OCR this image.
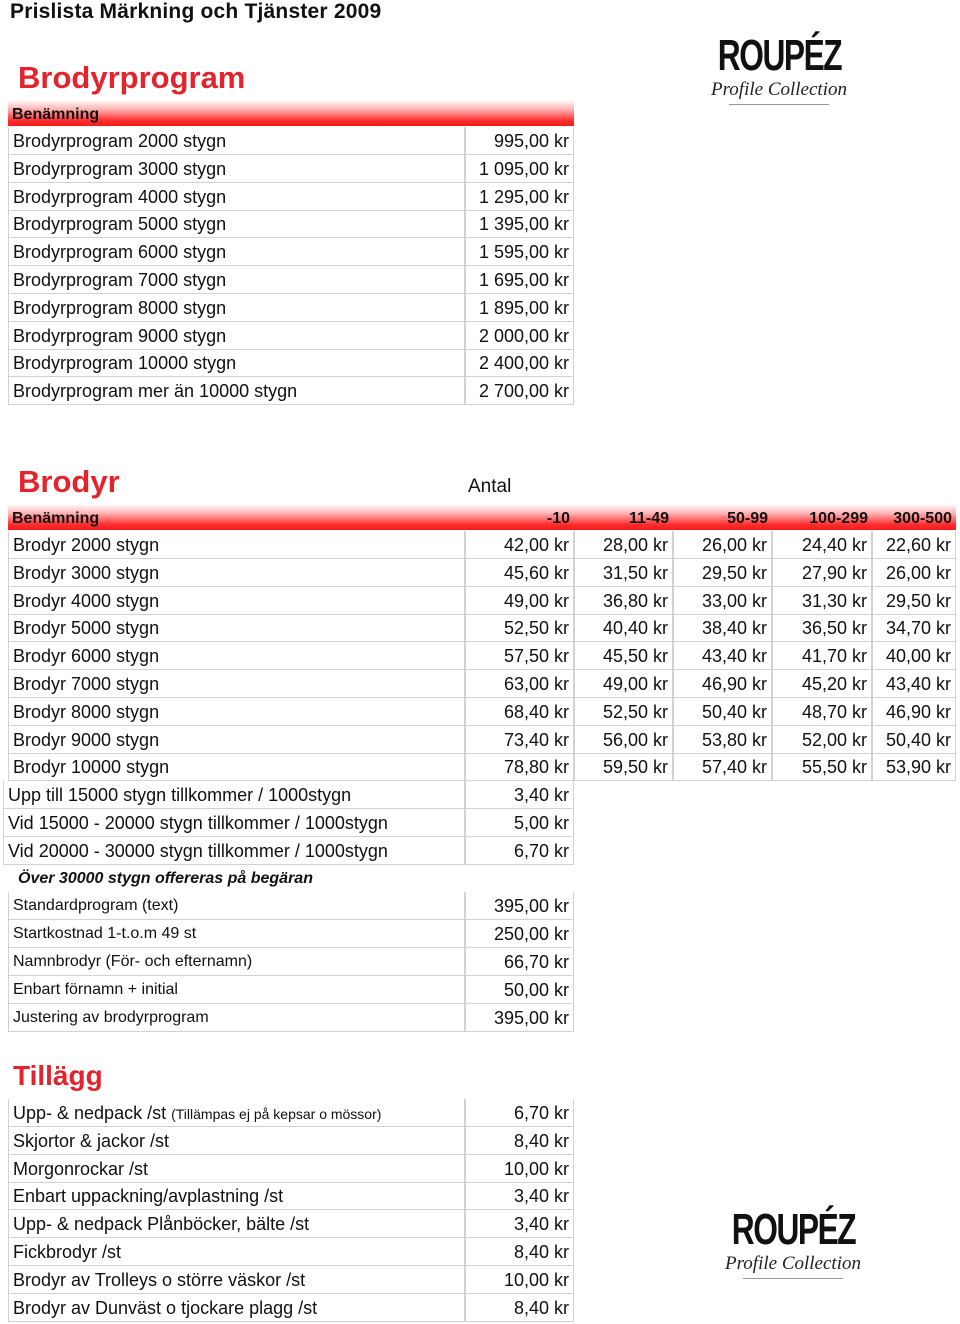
Prislista Märkning och Tjänster 2009
ROUPÉZ
Profile Collection
Brodyrprogram
Benämning
Brodyrprogram 2000 stygn	995,00 kr
Brodyrprogram 3000 stygn	1 095,00 kr
Brodyrprogram 4000 stygn	1 295,00 kr
Brodyrprogram 5000 stygn	1 395,00 kr
Brodyrprogram 6000 stygn	1 595,00 kr
Brodyrprogram 7000 stygn	1 695,00 kr
Brodyrprogram 8000 stygn	1 895,00 kr
Brodyrprogram 9000 stygn	2 000,00 kr
Brodyrprogram 10000 stygn	2 400,00 kr
Brodyrprogram mer än 10000 stygn	2 700,00 kr
Brodyr	Antal
Benämning	-10	11-49	50-99	100-299	300-500
Brodyr 2000 stygn	42,00 kr	28,00 kr	26,00 kr	24,40 kr	22,60 kr
Brodyr 3000 stygn	45,60 kr	31,50 kr	29,50 kr	27,90 kr	26,00 kr
Brodyr 4000 stygn	49,00 kr	36,80 kr	33,00 kr	31,30 kr	29,50 kr
Brodyr 5000 stygn	52,50 kr	40,40 kr	38,40 kr	36,50 kr	34,70 kr
Brodyr 6000 stygn	57,50 kr	45,50 kr	43,40 kr	41,70 kr	40,00 kr
Brodyr 7000 stygn	63,00 kr	49,00 kr	46,90 kr	45,20 kr	43,40 kr
Brodyr 8000 stygn	68,40 kr	52,50 kr	50,40 kr	48,70 kr	46,90 kr
Brodyr 9000 stygn	73,40 kr	56,00 kr	53,80 kr	52,00 kr	50,40 kr
Brodyr 10000 stygn	78,80 kr	59,50 kr	57,40 kr	55,50 kr	53,90 kr
Upp till 15000 stygn tillkommer / 1000stygn	3,40 kr
Vid 15000 - 20000 stygn tillkommer / 1000stygn	5,00 kr
Vid 20000 - 30000 stygn tillkommer / 1000stygn	6,70 kr
Över 30000 stygn offereras på begäran
Standardprogram (text)	395,00 kr
Startkostnad 1-t.o.m 49 st	250,00 kr
Namnbrodyr (För- och efternamn)	66,70 kr
Enbart förnamn + initial	50,00 kr
Justering av brodyrprogram	395,00 kr
Tillägg
Upp- & nedpack /st (Tillämpas ej på kepsar o mössor)	6,70 kr
Skjortor & jackor /st	8,40 kr
Morgonrockar /st	10,00 kr
Enbart uppackning/avplastning /st	3,40 kr
Upp- & nedpack Plånböcker, bälte /st	3,40 kr
Fickbrodyr /st	8,40 kr
Brodyr av Trolleys o större väskor /st	10,00 kr
Brodyr av Dunväst o tjockare plagg /st	8,40 kr
ROUPÉZ
Profile Collection
